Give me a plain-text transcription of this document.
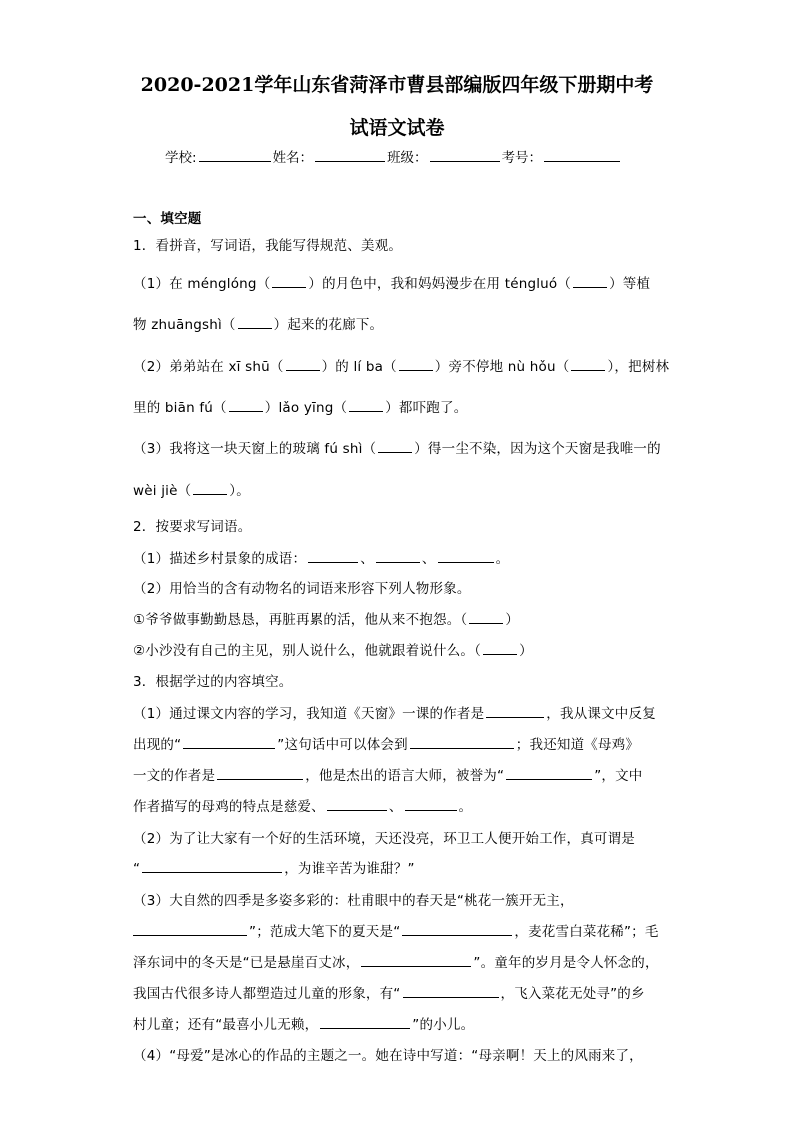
2020-2021学年山东省菏泽市曹县部编版四年级下册期中考
试语文试卷
学校:	姓名：	班级：	考号：
一、填空题
1．看拼音，写词语，我能写得规范、美观。
（1）在 ménglóng（	）的月色中，我和妈妈漫步在用 téngluó（	）等植
物 zhuāngshì（	）起来的花廊下。
（2）弟弟站在 xī shū（	）的 lí ba（	）旁不停地 nù hǒu（	），把树林
里的 biān fú（	）lǎo yīng（	）都吓跑了。
（3）我将这一块天窗上的玻璃 fú shì（	）得一尘不染，因为这个天窗是我唯一的
wèi jiè（	）。
2．按要求写词语。
（1）描述乡村景象的成语：	、	、	。
（2）用恰当的含有动物名的词语来形容下列人物形象。
①爷爷做事勤勤恳恳，再脏再累的活，他从来不抱怨。（	）
②小沙没有自己的主见，别人说什么，他就跟着说什么。（	）
3．根据学过的内容填空。
（1）通过课文内容的学习，我知道《天窗》一课的作者是	，我从课文中反复
出现的“	”这句话中可以体会到	；我还知道《母鸡》
一文的作者是	，他是杰出的语言大师，被誉为“	”，文中
作者描写的母鸡的特点是慈爱、	、	。
（2）为了让大家有一个好的生活环境，天还没亮，环卫工人便开始工作，真可谓是
“	，为谁辛苦为谁甜？”
（3）大自然的四季是多姿多彩的：杜甫眼中的春天是“桃花一簇开无主，
”；范成大笔下的夏天是“	，麦花雪白菜花稀”；毛
泽东词中的冬天是“已是悬崖百丈冰，	”。童年的岁月是令人怀念的，
我国古代很多诗人都塑造过儿童的形象，有“	，飞入菜花无处寻”的乡
村儿童；还有“最喜小儿无赖，	”的小儿。
（4）“母爱”是冰心的作品的主题之一。她在诗中写道：“母亲啊！天上的风雨来了，
